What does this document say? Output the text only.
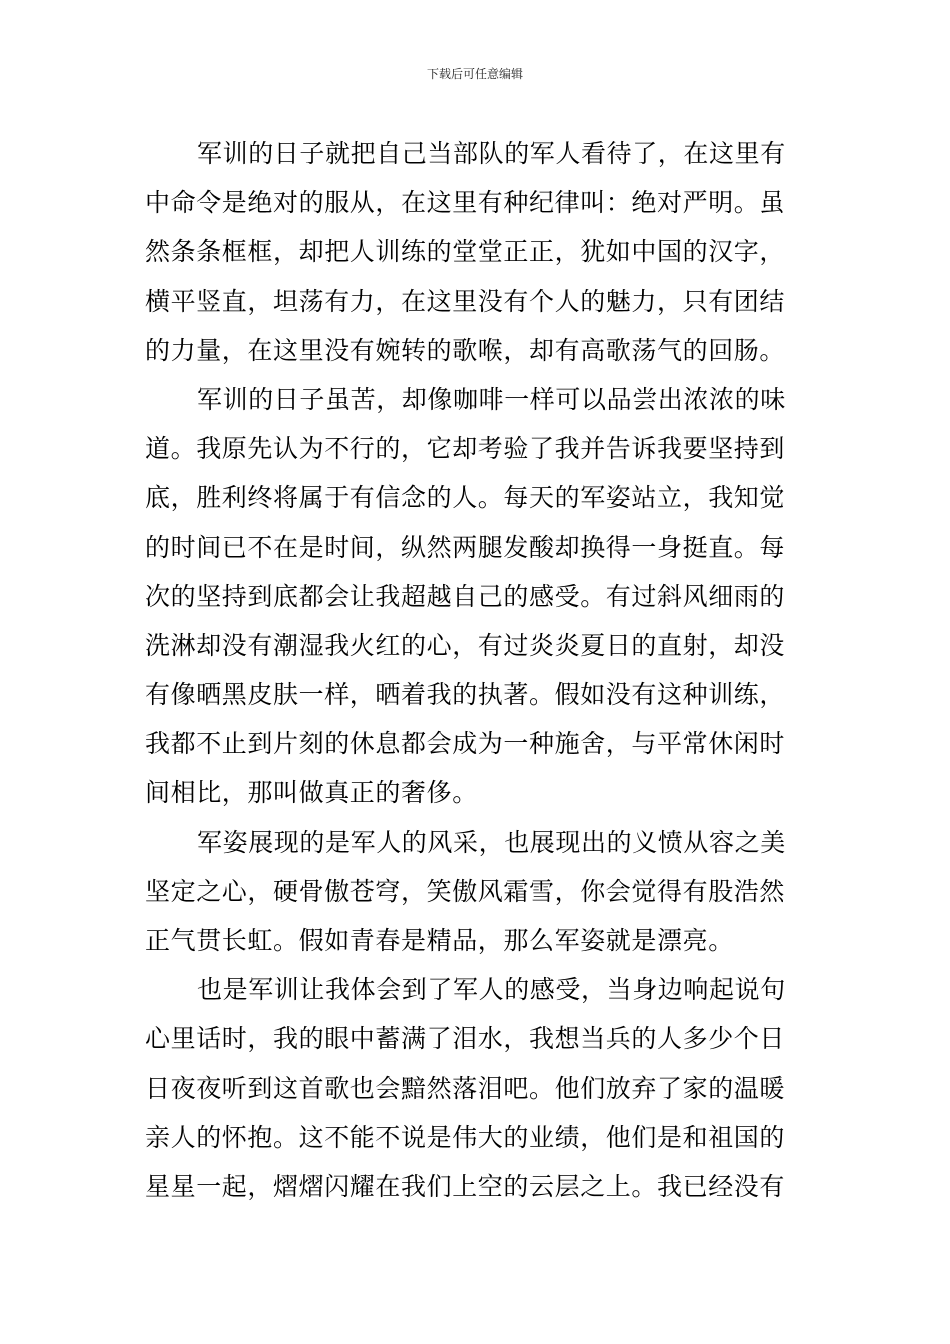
下载后可任意编辑
军训的日子就把自己当部队的军人看待了，在这里有
中命令是绝对的服从，在这里有种纪律叫：绝对严明。虽
然条条框框，却把人训练的堂堂正正，犹如中国的汉字，
横平竖直，坦荡有力，在这里没有个人的魅力，只有团结
的力量，在这里没有婉转的歌喉，却有高歌荡气的回肠。
军训的日子虽苦，却像咖啡一样可以品尝出浓浓的味
道。我原先认为不行的，它却考验了我并告诉我要坚持到
底，胜利终将属于有信念的人。每天的军姿站立，我知觉
的时间已不在是时间，纵然两腿发酸却换得一身挺直。每
次的坚持到底都会让我超越自己的感受。有过斜风细雨的
洗淋却没有潮湿我火红的心，有过炎炎夏日的直射，却没
有像晒黑皮肤一样，晒着我的执著。假如没有这种训练，
我都不止到片刻的休息都会成为一种施舍，与平常休闲时
间相比，那叫做真正的奢侈。
军姿展现的是军人的风采，也展现出的义愤从容之美
坚定之心，硬骨傲苍穹，笑傲风霜雪，你会觉得有股浩然
正气贯长虹。假如青春是精品，那么军姿就是漂亮。
也是军训让我体会到了军人的感受，当身边响起说句
心里话时，我的眼中蓄满了泪水，我想当兵的人多少个日
日夜夜听到这首歌也会黯然落泪吧。他们放弃了家的温暖
亲人的怀抱。这不能不说是伟大的业绩，他们是和祖国的
星星一起，熠熠闪耀在我们上空的云层之上。我已经没有
